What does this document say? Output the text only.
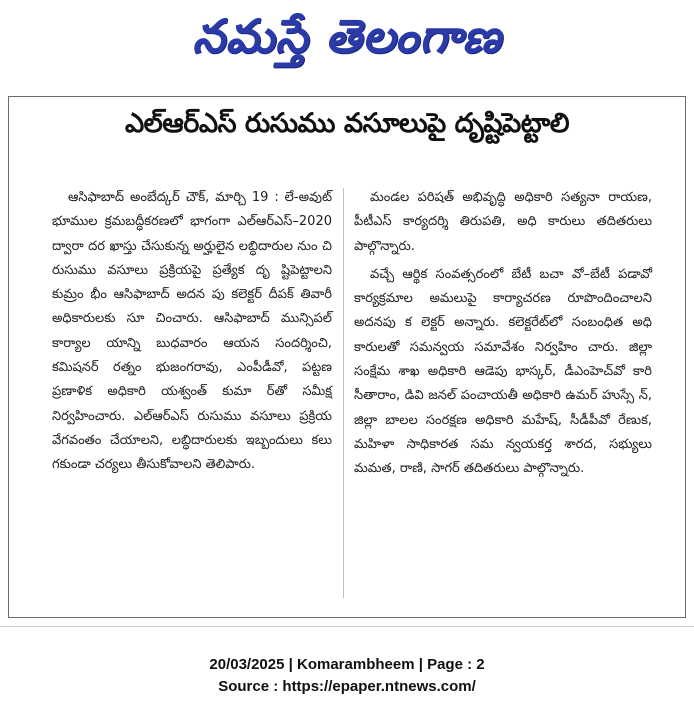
నమస్తే తెలంగాణ
ఎల్‌ఆర్‌ఎస్‌ రుసుము వసూలుపై దృష్టిపెట్టాలి

ఆసిఫాబాద్‌ అంబేద్కర్‌ చౌక్‌, మార్చి 19 : లే-అవుట్‌ భూముల క్రమబద్ధీకరణలో భాగంగా ఎల్‌ఆర్‌ఎస్‌–2020 ద్వారా దర ఖాస్తు చేసుకున్న అర్హులైన లబ్ధిదారుల నుం చి రుసుము వసూలు ప్రక్రియపై ప్రత్యేక దృ ష్టిపెట్టాలని కుమ్రం భీం ఆసిఫాబాద్‌ అదన పు కలెక్టర్‌ దీపక్‌ తివారీ అధికారులకు సూ చించారు. ఆసిఫాబాద్‌ మున్సిపల్‌ కార్యాల యాన్ని బుధవారం ఆయన సందర్శించి, కమిషనర్‌ రత్నం భుజంగరావు, ఎంపీడీవో, పట్టణ ప్రణాళిక అధికారి యశ్వంత్‌ కుమా ర్‌తో సమీక్ష నిర్వహించారు. ఎల్‌ఆర్‌ఎస్‌ రుసుము వసూలు ప్రక్రియ వేగవంతం చేయాలని, లబ్ధిదారులకు ఇబ్బందులు కలు గకుండా చర్యలు తీసుకోవాలని తెలిపారు.

మండల పరిషత్‌ అభివృద్ధి అధికారి సత్యనా రాయణ, పీటీఎస్‌ కార్యదర్శి తిరుపతి, అధి కారులు తదితరులు పాల్గొన్నారు.

వచ్చే ఆర్థిక సంవత్సరంలో బేటీ బచా వో–బేటీ పడావో కార్యక్రమాల అమలుపై కార్యాచరణ రూపొందించాలని అదనపు క లెక్టర్‌ అన్నారు. కలెక్టరేట్‌లో సంబంధిత అధి కారులతో సమన్వయ సమావేశం నిర్వహిం చారు. జిల్లా సంక్షేమ శాఖ అధికారి ఆడెపు భాస్కర్‌, డీఎంహెచ్‌వో కారి సీతారాం, డివి జనల్‌ పంచాయతీ అధికారి ఉమర్‌ హుస్సే న్‌, జిల్లా బాలల సంరక్షణ అధికారి మహేష్‌, సీడీపీవో రేణుక, మహిళా సాధికారత సమ న్వయకర్త శారద, సభ్యులు మమత, రాణి, సాగర్‌ తదితరులు పాల్గొన్నారు.

20/03/2025 | Komarambheem | Page : 2
Source : https://epaper.ntnews.com/
